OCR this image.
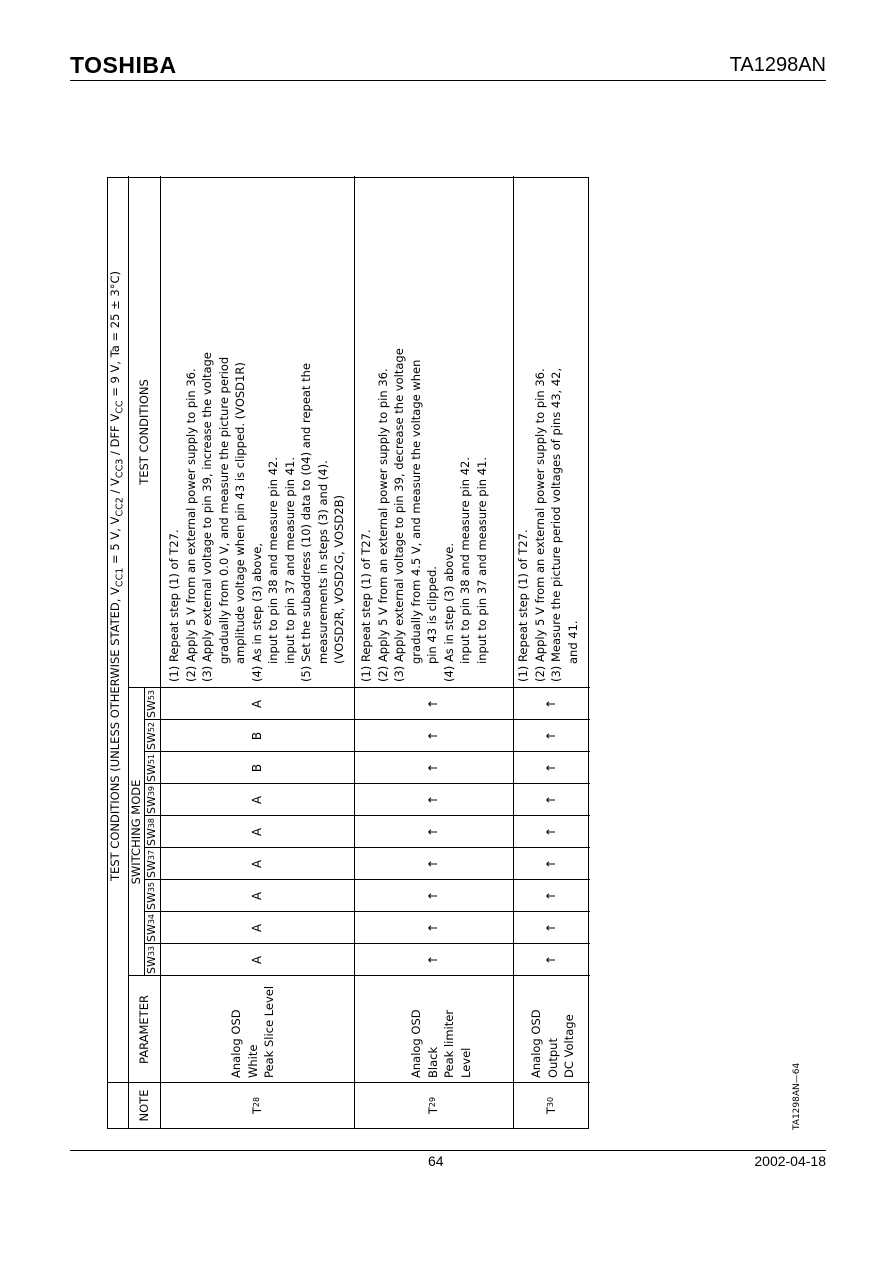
TOSHIBA	TA1298AN
NOTE
PARAMETER
TEST CONDITIONS (UNLESS OTHERWISE STATED, $V_{CC1} = 5$ V, $V_{CC2} / V_{CC3}$ / DFF $V_{CC} = 9$ V, Ta = 25 ± 3°C)
SWITCHING MODE
TEST CONDITIONS
SW
33
SW
34
SW
35
SW
37
SW
38
SW
39
SW
51
SW
52
SW
53
T
28
Analog OSD White Peak Slice Level
A
A
A
A
A
A
B
B
A

(1) Repeat step (1) of T27. (2) Apply 5 V from an external power supply to pin 36. (3) Apply external voltage to pin 39, increase the voltage gradually from 0.0 V, and measure the picture period amplitude voltage when pin 43 is clipped. (VOSD1R) (4) As in step (3) above, input to pin 38 and measure pin 42. input to pin 37 and measure pin 41. (5) Set the subaddress (10) data to (04) and repeat the measurements in steps (3) and (4). (VOSD2R, VOSD2G, VOSD2B)

T
29
Analog OSD Black Peak limiter Level
↑
↑
↑
↑
↑
↑
↑
↑
↑

(1) Repeat step (1) of T27. (2) Apply 5 V from an external power supply to pin 36. (3) Apply external voltage to pin 39, decrease the voltage gradually from 4.5 V, and measure the voltage when pin 43 is clipped. (4) As in step (3) above. input to pin 38 and measure pin 42. input to pin 37 and measure pin 41.

T
30
Analog OSD Output DC Voltage
↑
↑
↑
↑
↑
↑
↑
↑
↑

(1) Repeat step (1) of T27. (2) Apply 5 V from an external power supply to pin 36. (3) Measure the picture period voltages of pins 43, 42, and 41.

TA1298AN—64
64	2002-04-18
